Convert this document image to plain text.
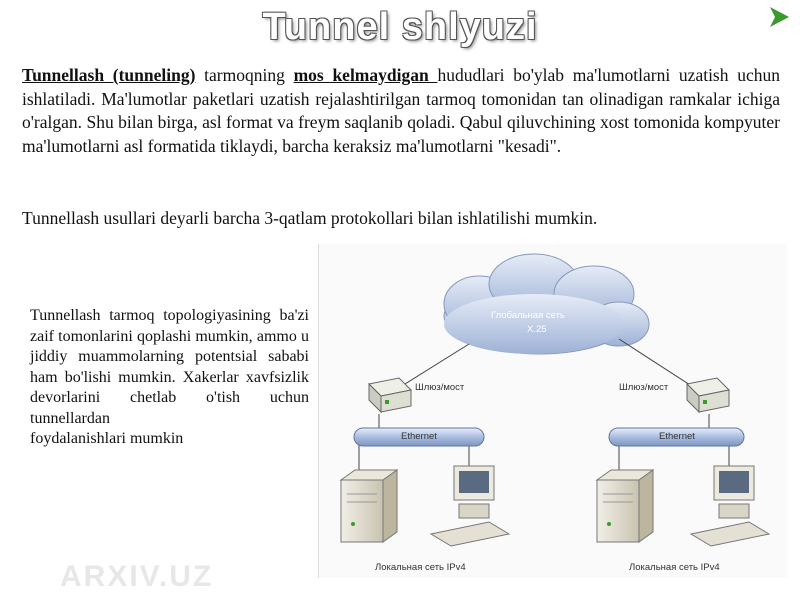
Tunnel shlyuzi
Tunnellash (tunneling) tarmoqning mos kelmaydigan hududlari bo'ylab ma'lumotlarni uzatish uchun ishlatiladi. Ma'lumotlar paketlari uzatish rejalashtirilgan tarmoq tomonidan tan olinadigan ramkalar ichiga o'ralgan. Shu bilan birga, asl format va freym saqlanib qoladi. Qabul qiluvchining xost tomonida kompyuter ma'lumotlarni asl formatida tiklaydi, barcha keraksiz ma'lumotlarni "kesadi".
Tunnellash usullari deyarli barcha 3-qatlam protokollari bilan ishlatilishi mumkin.
Tunnellash tarmoq topologiyasining ba'zi zaif tomonlarini qoplashi mumkin, ammo u jiddiy muammolarning potentsial sababi ham bo'lishi mumkin. Xakerlar xavfsizlik devorlarini chetlab o'tish uchun tunnellardan
foydalanishlari mumkin
ARXIV.UZ
Глобальная сеть
X.25
Шлюз/мост	Шлюз/мост
Ethernet	Ethernet
Локальная сеть IPv4	Локальная сеть IPv4
